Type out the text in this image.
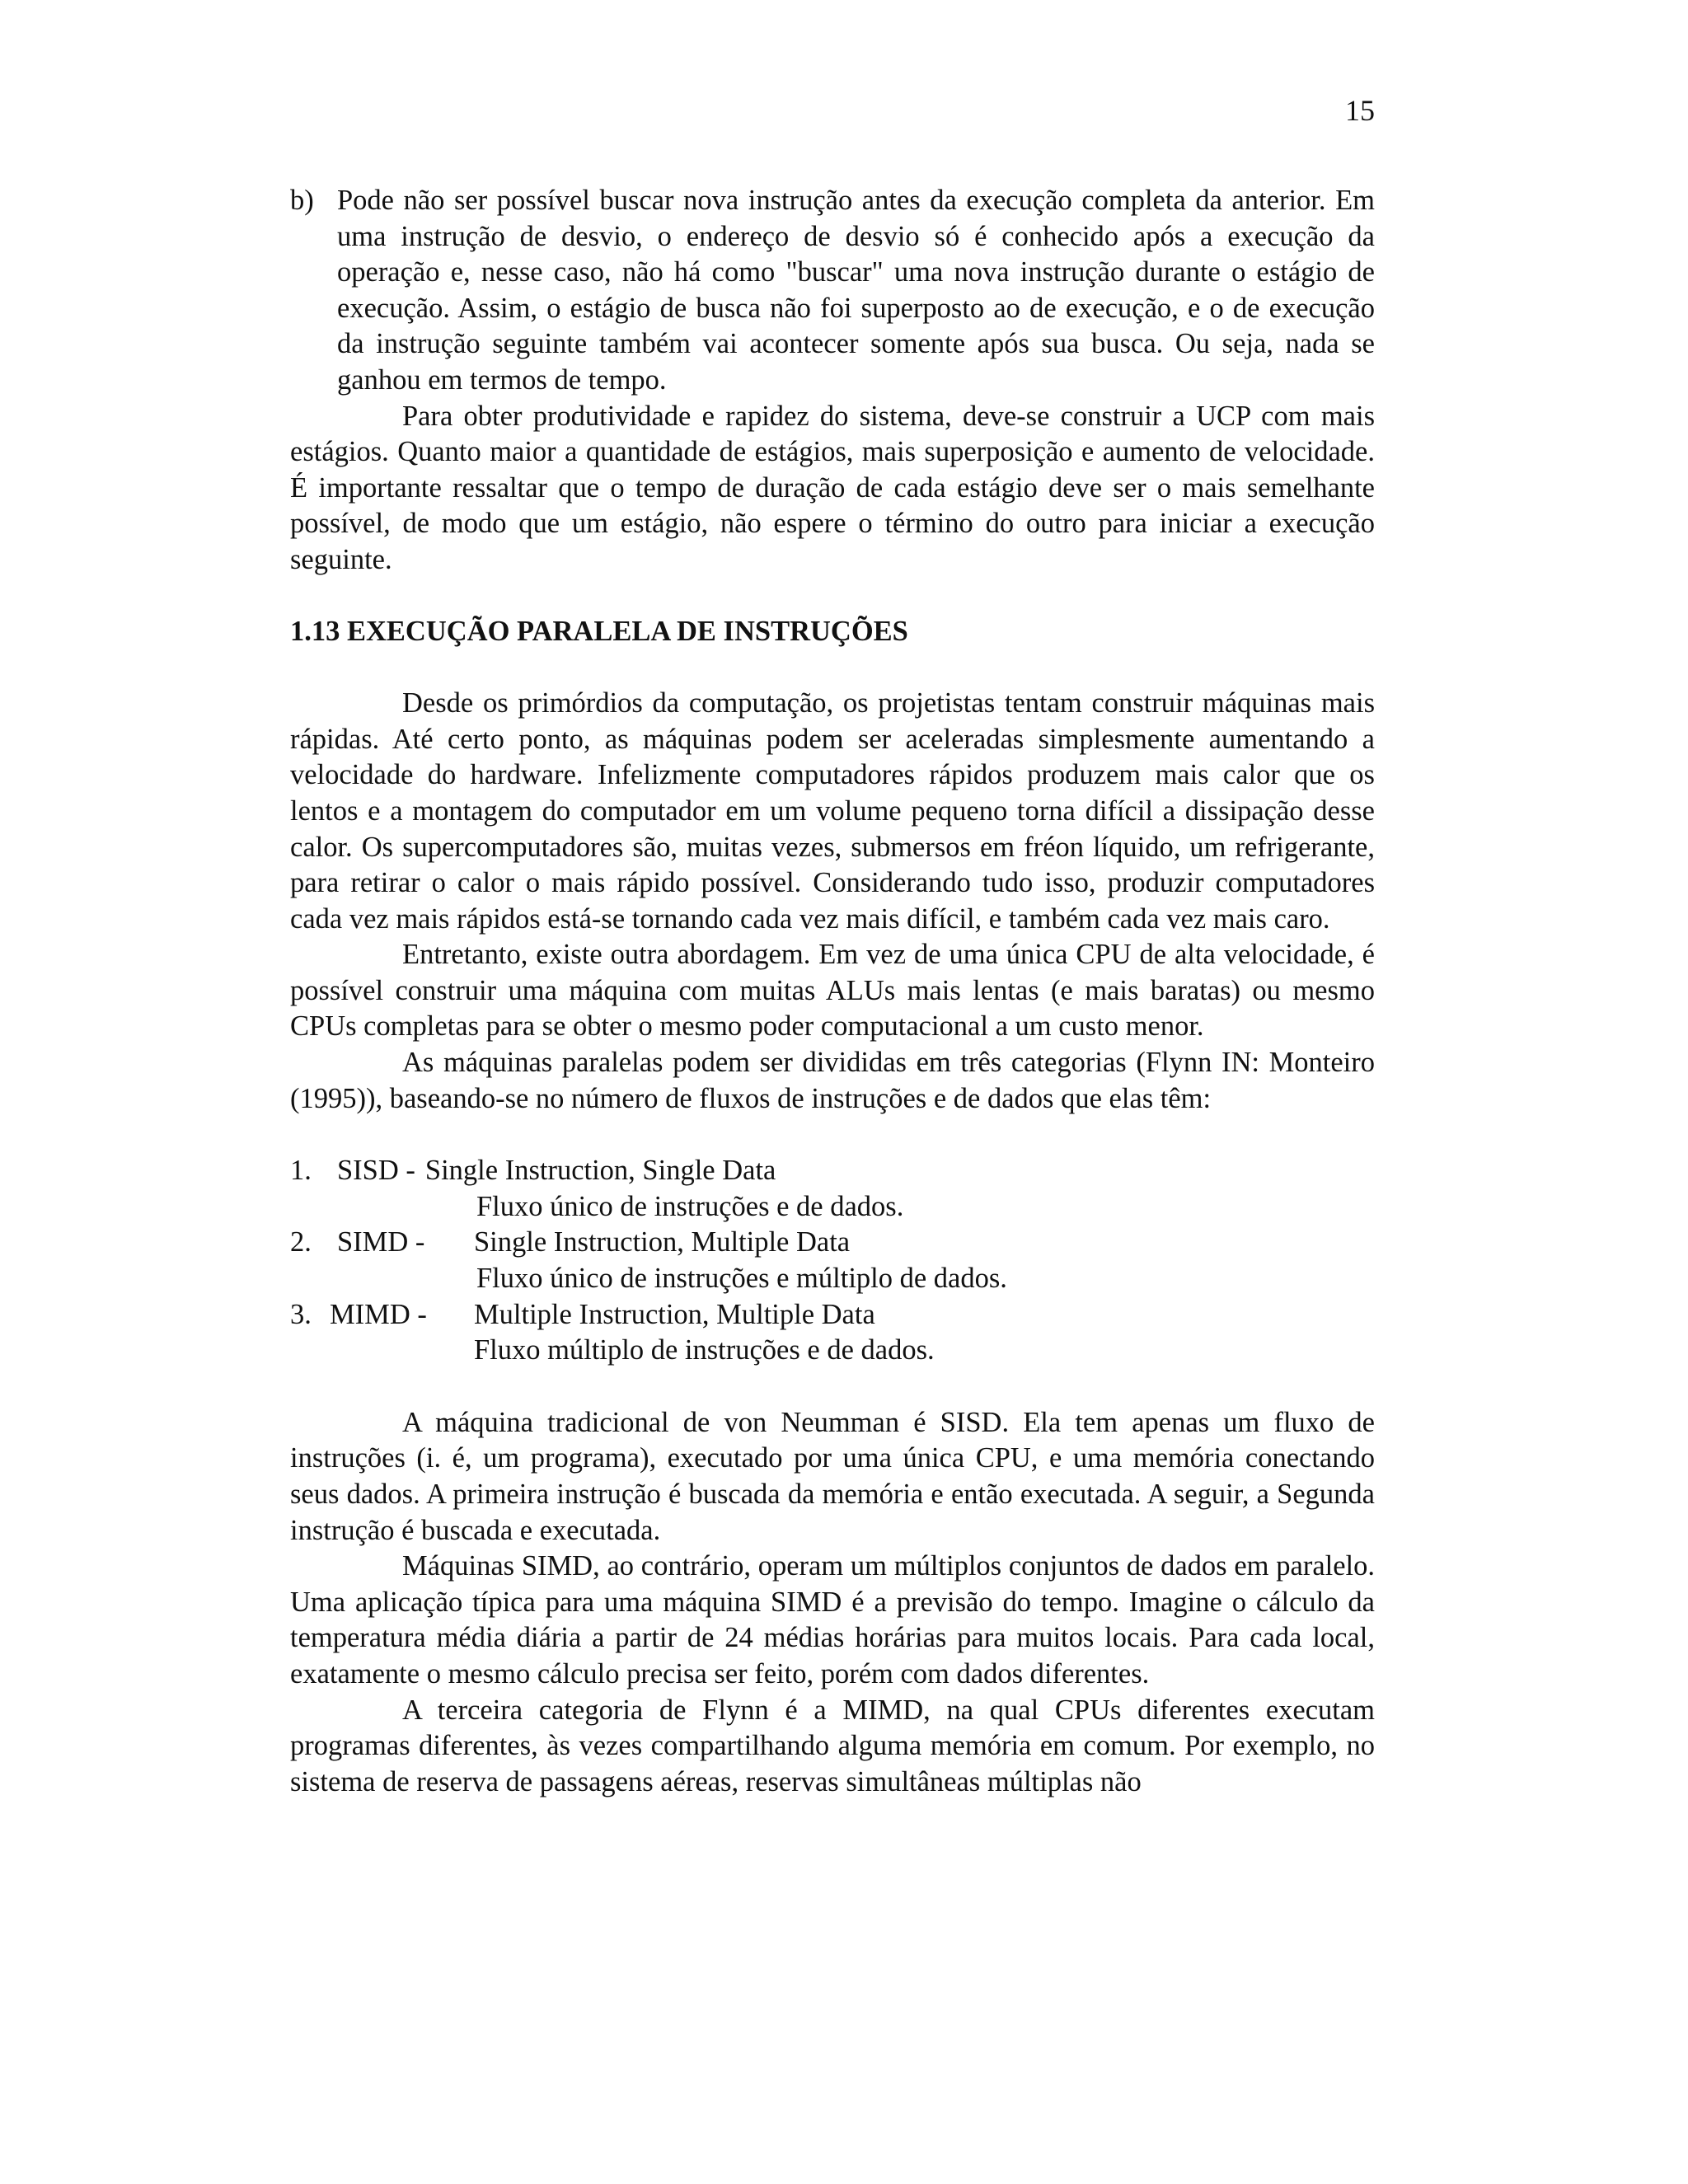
15
b) Pode não ser possível buscar nova instrução antes da execução completa da anterior. Em uma instrução de desvio, o endereço de desvio só é conhecido após a execução da operação e, nesse caso, não há como "buscar" uma nova instrução durante o estágio de execução. Assim, o estágio de busca não foi superposto ao de execução, e o de execução da instrução seguinte também vai acontecer somente após sua busca. Ou seja, nada se ganhou em termos de tempo.

Para obter produtividade e rapidez do sistema, deve-se construir a UCP com mais estágios. Quanto maior a quantidade de estágios, mais superposição e aumento de velocidade. É importante ressaltar que o tempo de duração de cada estágio deve ser o mais semelhante possível, de modo que um estágio, não espere o término do outro para iniciar a execução seguinte.

1.13 EXECUÇÃO PARALELA DE INSTRUÇÕES

Desde os primórdios da computação, os projetistas tentam construir máquinas mais rápidas. Até certo ponto, as máquinas podem ser aceleradas simplesmente aumentando a velocidade do hardware. Infelizmente computadores rápidos produzem mais calor que os lentos e a montagem do computador em um volume pequeno torna difícil a dissipação desse calor. Os supercomputadores são, muitas vezes, submersos em fréon líquido, um refrigerante, para retirar o calor o mais rápido possível. Considerando tudo isso, produzir computadores cada vez mais rápidos está-se tornando cada vez mais difícil, e também cada vez mais caro.

Entretanto, existe outra abordagem. Em vez de uma única CPU de alta velocidade, é possível construir uma máquina com muitas ALUs mais lentas (e mais baratas) ou mesmo CPUs completas para se obter o mesmo poder computacional a um custo menor.

As máquinas paralelas podem ser divididas em três categorias (Flynn IN: Monteiro (1995)), baseando-se no número de fluxos de instruções e de dados que elas têm:

1. SISD - Single Instruction, Single Data
Fluxo único de instruções e de dados.
2. SIMD -	Single Instruction, Multiple Data
Fluxo único de instruções e múltiplo de dados.
3. MIMD -	Multiple Instruction, Multiple Data
Fluxo múltiplo de instruções e de dados.

A máquina tradicional de von Neumman é SISD. Ela tem apenas um fluxo de instruções (i. é, um programa), executado por uma única CPU, e uma memória conectando seus dados. A primeira instrução é buscada da memória e então executada. A seguir, a Segunda instrução é buscada e executada.

Máquinas SIMD, ao contrário, operam um múltiplos conjuntos de dados em paralelo. Uma aplicação típica para uma máquina SIMD é a previsão do tempo. Imagine o cálculo da temperatura média diária a partir de 24 médias horárias para muitos locais. Para cada local, exatamente o mesmo cálculo precisa ser feito, porém com dados diferentes.

A terceira categoria de Flynn é a MIMD, na qual CPUs diferentes executam programas diferentes, às vezes compartilhando alguma memória em comum. Por exemplo, no sistema de reserva de passagens aéreas, reservas simultâneas múltiplas não
